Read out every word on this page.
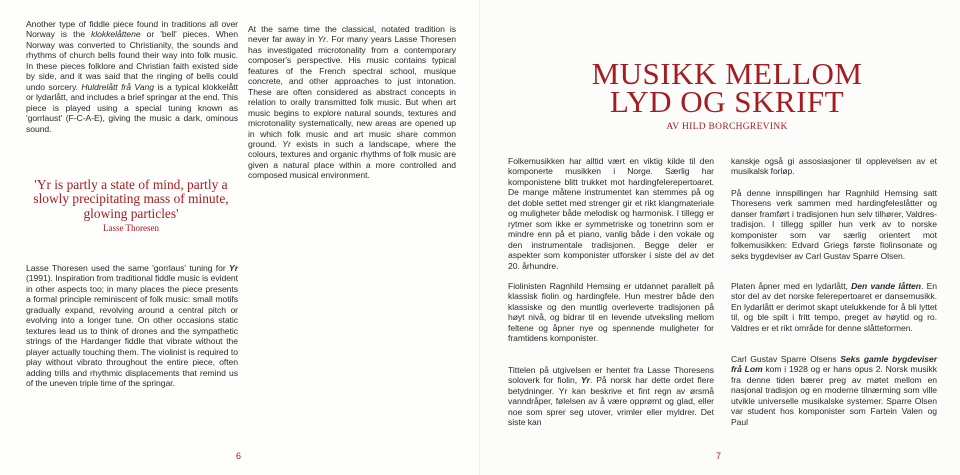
Another type of fiddle piece found in traditions all over Norway is the klokkelåttene or 'bell' pieces. When Norway was converted to Christianity, the sounds and rhythms of church bells found their way into folk music. In these pieces folklore and Christian faith existed side by side, and it was said that the ringing of bells could undo sorcery. Huldrelått frå Vang is a typical klokkelått or lydarlått, and includes a brief springar at the end. This piece is played using a special tuning known as 'gorrlaust' (F-C-A-E), giving the music a dark, ominous sound.

'Yr is partly a state of mind, partly a slowly precipitating mass of minute, glowing particles'
Lasse Thoresen

Lasse Thoresen used the same 'gorrlaus' tuning for Yr (1991). Inspiration from traditional fiddle music is evident in other aspects too; in many places the piece presents a formal principle reminiscent of folk music: small motifs gradually expand, revolving around a central pitch or evolving into a longer tune. On other occasions static textures lead us to think of drones and the sympathetic strings of the Hardanger fiddle that vibrate without the player actually touching them. The violinist is required to play without vibrato throughout the entire piece, often adding trills and rhythmic displacements that remind us of the uneven triple time of the springar.

At the same time the classical, notated tradition is never far away in Yr. For many years Lasse Thoresen has investigated microtonality from a contemporary composer's perspective. His music contains typical features of the French spectral school, musique concrete, and other approaches to just intonation. These are often considered as abstract concepts in relation to orally transmitted folk music. But when art music begins to explore natural sounds, textures and microtonality systematically, new areas are opened up in which folk music and art music share common ground. Yr exists in such a landscape, where the colours, textures and organic rhythms of folk music are given a natural place within a more controlled and composed musical environment.

6	7
MUSIKK MELLOM
LYD OG SKRIFT
AV HILD BORCHGREVINK

Folkemusikken har alltid vært en viktig kilde til den komponerte musikken i Norge. Særlig har komponistene blitt trukket mot hardingfelerepertoaret. De mange måtene instrumentet kan stemmes på og det doble settet med strenger gir et rikt klangmateriale og muligheter både melodisk og harmonisk. I tillegg er rytmer som ikke er symmetriske og tonetrinn som er mindre enn på et piano, vanlig både i den vokale og den instrumentale tradisjonen. Begge deler er aspekter som komponister utforsker i siste del av det 20. århundre.

Fiolinisten Ragnhild Hemsing er utdannet parallelt på klassisk fiolin og hardingfele. Hun mestrer både den klassiske og den muntlig overleverte tradisjonen på høyt nivå, og bidrar til en levende utveksling mellom feltene og åpner nye og spennende muligheter for framtidens komponister.

Tittelen på utgivelsen er hentet fra Lasse Thoresens soloverk for fiolin, Yr. På norsk har dette ordet flere betydninger. Yr kan beskrive et fint regn av ørsmå vanndråper, følelsen av å være opprømt og glad, eller noe som sprer seg utover, vrimler eller myldrer. Det siste kan

kanskje også gi assosiasjoner til opplevelsen av et musikalsk forløp.

På denne innspillingen har Ragnhild Hemsing satt Thoresens verk sammen med hardingfeleslåtter og danser framført i tradisjonen hun selv tilhører, Valdres-tradisjon. I tillegg spiller hun verk av to norske komponister som var særlig orientert mot folkemusikken: Edvard Griegs første fiolinsonate og seks bygdeviser av Carl Gustav Sparre Olsen.

Platen åpner med en lydarlått, Den vande låtten. En stor del av det norske felerepertoaret er dansemusikk. En lydarlått er derimot skapt utelukkende for å bli lyttet til, og ble spilt i fritt tempo, preget av høytid og ro. Valdres er et rikt område for denne slåtteformen.

Carl Gustav Sparre Olsens Seks gamle bygdeviser frå Lom kom i 1928 og er hans opus 2. Norsk musikk fra denne tiden bærer preg av møtet mellom en nasjonal tradisjon og en moderne tilnærming som ville utvikle universelle musikalske systemer. Sparre Olsen var student hos komponister som Fartein Valen og Paul
